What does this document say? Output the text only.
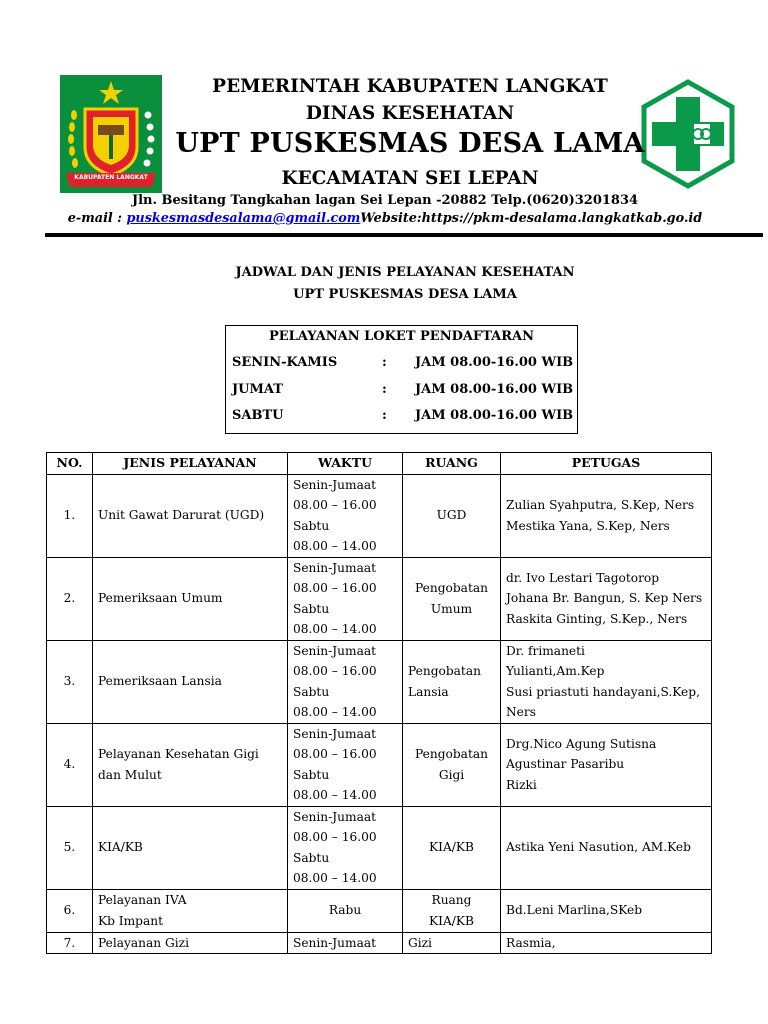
KABUPATEN LANGKAT
PEMERINTAH KABUPATEN LANGKAT
DINAS KESEHATAN
UPT PUSKESMAS DESA LAMA
KECAMATAN SEI LEPAN
Jln. Besitang Tangkahan lagan Sei Lepan -20882 Telp.(0620)3201834
e-mail : puskesmasdesalama@gmail.comWebsite:https://pkm-desalama.langkatkab.go.id
JADWAL DAN JENIS PELAYANAN KESEHATAN
UPT PUSKESMAS DESA LAMA
PELAYANAN LOKET PENDAFTARAN
SENIN-KAMIS	: JAM 08.00-16.00 WIB
JUMAT	: JAM 08.00-16.00 WIB
SABTU	: JAM 08.00-16.00 WIB
NO.	JENIS PELAYANAN	WAKTU	RUANG	PETUGAS
1.	Unit Gawat Darurat (UGD)	Senin-Jumaat
08.00 – 16.00
Sabtu
08.00 – 14.00	UGD	Zulian Syahputra, S.Kep, Ners
Mestika Yana, S.Kep, Ners
2.	Pemeriksaan Umum	Senin-Jumaat
08.00 – 16.00
Sabtu
08.00 – 14.00	Pengobatan
Umum	dr. Ivo Lestari Tagotorop
Johana Br. Bangun, S. Kep Ners
Raskita Ginting, S.Kep., Ners
3.	Pemeriksaan Lansia	Senin-Jumaat
08.00 – 16.00
Sabtu
08.00 – 14.00	Pengobatan
Lansia	Dr. frimaneti
Yulianti,Am.Kep
Susi priastuti handayani,S.Kep,
Ners
4.	Pelayanan Kesehatan Gigi
dan Mulut	Senin-Jumaat
08.00 – 16.00
Sabtu
08.00 – 14.00	Pengobatan
Gigi	Drg.Nico Agung Sutisna
Agustinar Pasaribu
Rizki
5.	KIA/KB	Senin-Jumaat
08.00 – 16.00
Sabtu
08.00 – 14.00	KIA/KB	Astika Yeni Nasution, AM.Keb
6.	Pelayanan IVA
Kb Impant	Rabu	Ruang
KIA/KB	Bd.Leni Marlina,SKeb
7.	Pelayanan Gizi	Senin-Jumaat	Gizi	Rasmia,
